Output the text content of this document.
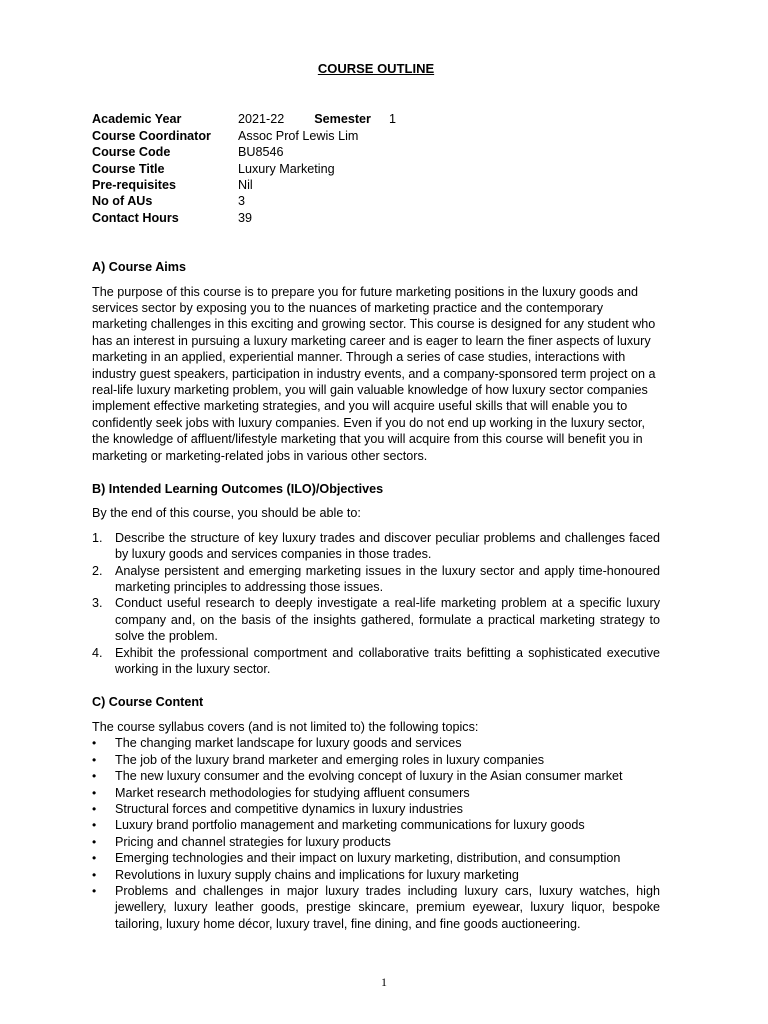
COURSE OUTLINE
Academic Year	2021-22 Semester 1
Course Coordinator	Assoc Prof Lewis Lim
Course Code	BU8546
Course Title	Luxury Marketing
Pre-requisites	Nil
No of AUs	3
Contact Hours	39
A) Course Aims
The purpose of this course is to prepare you for future marketing positions in the luxury goods and services sector by exposing you to the nuances of marketing practice and the contemporary marketing challenges in this exciting and growing sector. This course is designed for any student who has an interest in pursuing a luxury marketing career and is eager to learn the finer aspects of luxury marketing in an applied, experiential manner. Through a series of case studies, interactions with industry guest speakers, participation in industry events, and a company-sponsored term project on a real-life luxury marketing problem, you will gain valuable knowledge of how luxury sector companies implement effective marketing strategies, and you will acquire useful skills that will enable you to confidently seek jobs with luxury companies. Even if you do not end up working in the luxury sector, the knowledge of affluent/lifestyle marketing that you will acquire from this course will benefit you in marketing or marketing-related jobs in various other sectors.
B) Intended Learning Outcomes (ILO)/Objectives
By the end of this course, you should be able to:
1. Describe the structure of key luxury trades and discover peculiar problems and challenges faced by luxury goods and services companies in those trades.
2. Analyse persistent and emerging marketing issues in the luxury sector and apply time-honoured marketing principles to addressing those issues.
3. Conduct useful research to deeply investigate a real-life marketing problem at a specific luxury company and, on the basis of the insights gathered, formulate a practical marketing strategy to solve the problem.
4. Exhibit the professional comportment and collaborative traits befitting a sophisticated executive working in the luxury sector.
C) Course Content
The course syllabus covers (and is not limited to) the following topics:
•	The changing market landscape for luxury goods and services
•	The job of the luxury brand marketer and emerging roles in luxury companies
•	The new luxury consumer and the evolving concept of luxury in the Asian consumer market
•	Market research methodologies for studying affluent consumers
•	Structural forces and competitive dynamics in luxury industries
•	Luxury brand portfolio management and marketing communications for luxury goods
•	Pricing and channel strategies for luxury products
•	Emerging technologies and their impact on luxury marketing, distribution, and consumption
•	Revolutions in luxury supply chains and implications for luxury marketing
•	Problems and challenges in major luxury trades including luxury cars, luxury watches, high jewellery, luxury leather goods, prestige skincare, premium eyewear, luxury liquor, bespoke tailoring, luxury home décor, luxury travel, fine dining, and fine goods auctioneering.
1
